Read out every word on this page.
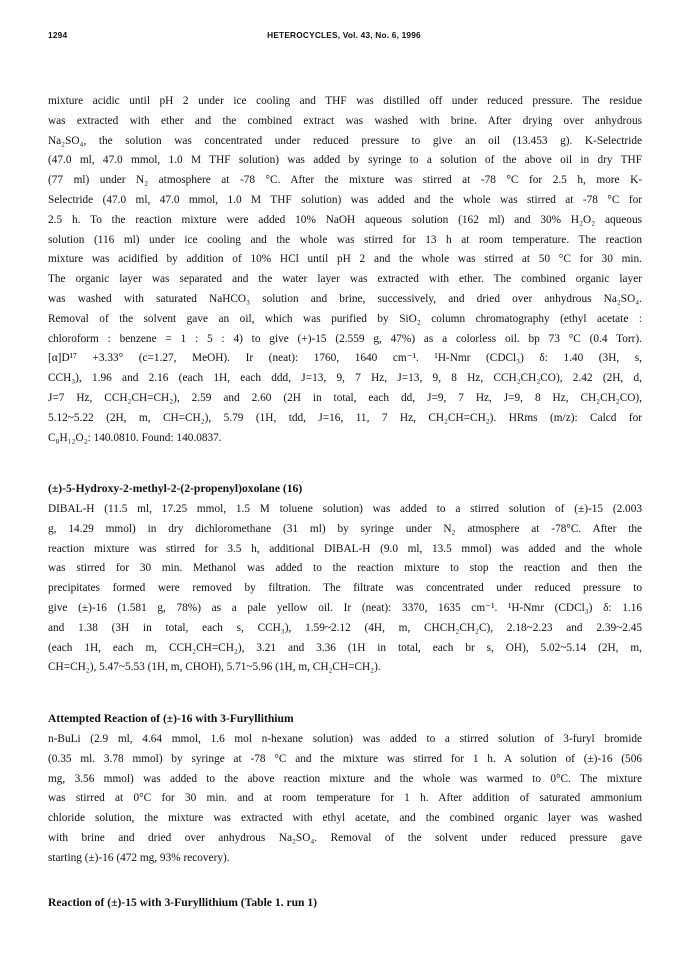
1294	HETEROCYCLES, Vol. 43, No. 6, 1996
mixture acidic until pH 2 under ice cooling and THF was distilled off under reduced pressure. The residue
was extracted with ether and the combined extract was washed with brine. After drying over anhydrous
Na₂SO₄, the solution was concentrated under reduced pressure to give an oil (13.453 g). K-Selectride
(47.0 ml, 47.0 mmol, 1.0 M THF solution) was added by syringe to a solution of the above oil in dry THF
(77 ml) under N₂ atmosphere at -78 °C. After the mixture was stirred at -78 °C for 2.5 h, more K-
Selectride (47.0 ml, 47.0 mmol, 1.0 M THF solution) was added and the whole was stirred at -78 °C for
2.5 h. To the reaction mixture were added 10% NaOH aqueous solution (162 ml) and 30% H₂O₂ aqueous
solution (116 ml) under ice cooling and the whole was stirred for 13 h at room temperature. The reaction
mixture was acidified by addition of 10% HCl until pH 2 and the whole was stirred at 50 °C for 30 min.
The organic layer was separated and the water layer was extracted with ether. The combined organic layer
was washed with saturated NaHCO₃ solution and brine, successively, and dried over anhydrous Na₂SO₄.
Removal of the solvent gave an oil, which was purified by SiO₂ column chromatography (ethyl acetate :
chloroform : benzene = 1 : 5 : 4) to give (+)-15 (2.559 g, 47%) as a colorless oil. bp 73 °C (0.4 Torr).
[α]D¹⁷ +3.33° (c=1.27, MeOH). Ir (neat): 1760, 1640 cm⁻¹. ¹H-Nmr (CDCl₃) δ: 1.40 (3H, s,
CCH₃), 1.96 and 2.16 (each 1H, each ddd, J=13, 9, 7 Hz, J=13, 9, 8 Hz, CCH₂CH₂CO), 2.42 (2H, d,
J=7 Hz, CCH₂CH=CH₂), 2.59 and 2.60 (2H in total, each dd, J=9, 7 Hz, J=9, 8 Hz, CH₂CH₂CO),
5.12~5.22 (2H, m, CH=CH₂), 5.79 (1H, tdd, J=16, 11, 7 Hz, CH₂CH=CH₂). HRms (m/z): Calcd for
C₈H₁₂O₂: 140.0810. Found: 140.0837.
(±)-5-Hydroxy-2-methyl-2-(2-propenyl)oxolane (16)
DIBAL-H (11.5 ml, 17.25 mmol, 1.5 M toluene solution) was added to a stirred solution of (±)-15 (2.003
g, 14.29 mmol) in dry dichloromethane (31 ml) by syringe under N₂ atmosphere at -78°C. After the
reaction mixture was stirred for 3.5 h, additional DIBAL-H (9.0 ml, 13.5 mmol) was added and the whole
was stirred for 30 min. Methanol was added to the reaction mixture to stop the reaction and then the
precipitates formed were removed by filtration. The filtrate was concentrated under reduced pressure to
give (±)-16 (1.581 g, 78%) as a pale yellow oil. Ir (neat): 3370, 1635 cm⁻¹. ¹H-Nmr (CDCl₃) δ: 1.16
and 1.38 (3H in total, each s, CCH₃), 1.59~2.12 (4H, m, CHCH₂CH₂C), 2.18~2.23 and 2.39~2.45
(each 1H, each m, CCH₂CH=CH₂), 3.21 and 3.36 (1H in total, each br s, OH), 5.02~5.14 (2H, m,
CH=CH₂), 5.47~5.53 (1H, m, CHOH), 5.71~5.96 (1H, m, CH₂CH=CH₂).
Attempted Reaction of (±)-16 with 3-Furyllithium
n-BuLi (2.9 ml, 4.64 mmol, 1.6 mol n-hexane solution) was added to a stirred solution of 3-furyl bromide
(0.35 ml. 3.78 mmol) by syringe at -78 °C and the mixture was stirred for 1 h. A solution of (±)-16 (506
mg, 3.56 mmol) was added to the above reaction mixture and the whole was warmed to 0°C. The mixture
was stirred at 0°C for 30 min. and at room temperature for 1 h. After addition of saturated ammonium
chloride solution, the mixture was extracted with ethyl acetate, and the combined organic layer was washed
with brine and dried over anhydrous Na₂SO₄. Removal of the solvent under reduced pressure gave
starting (±)-16 (472 mg, 93% recovery).
Reaction of (±)-15 with 3-Furyllithium (Table 1. run 1)
